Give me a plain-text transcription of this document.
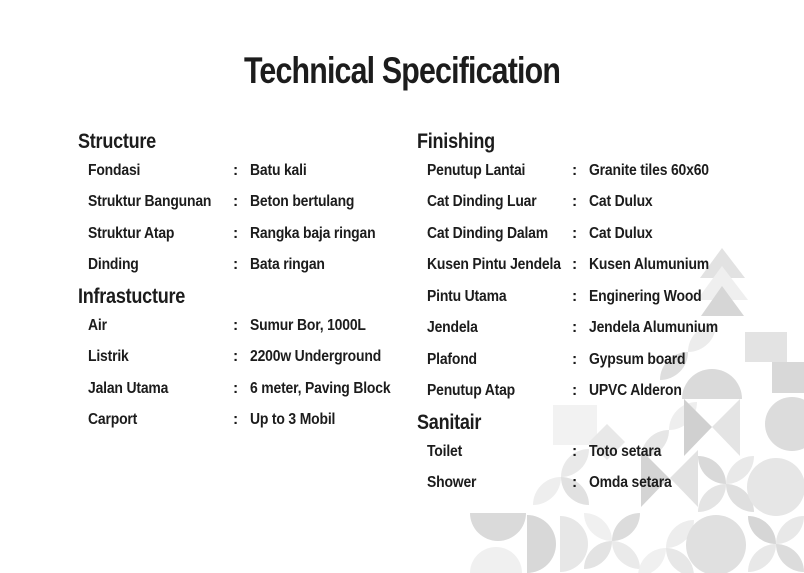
Technical Specification
Structure
Fondasi	: Batu kali
Struktur Bangunan	: Beton bertulang
Struktur Atap	: Rangka baja ringan
Dinding	: Bata ringan
Infrastucture
Air	: Sumur Bor, 1000L
Listrik	: 2200w Underground
Jalan Utama	: 6 meter, Paving Block
Carport	: Up to 3 Mobil
Finishing
Penutup Lantai	: Granite tiles 60x60
Cat Dinding Luar	: Cat Dulux
Cat Dinding Dalam	: Cat Dulux
Kusen Pintu Jendela : Kusen Alumunium
Pintu Utama	: Enginering Wood
Jendela	: Jendela Alumunium
Plafond	: Gypsum board
Penutup Atap	: UPVC Alderon
Sanitair
Toilet	: Toto setara
Shower	: Omda setara
